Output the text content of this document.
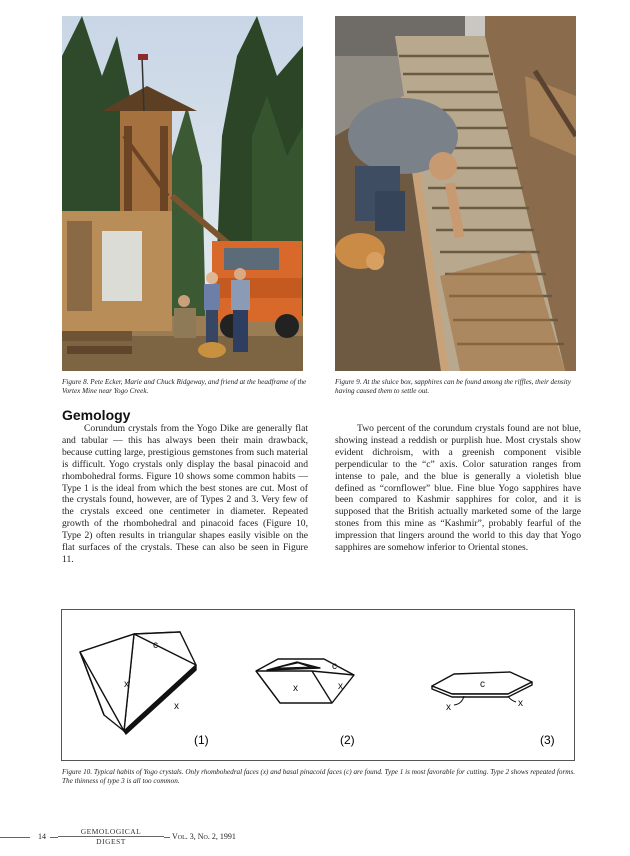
Figure 8. Pete Ecker, Marie and Chuck Ridgeway, and friend at the headframe of the Vortex Mine near Yogo Creek.
Figure 9. At the sluice box, sapphires can be found among the riffles, their density having caused them to settle out.
Gemology

Corundum crystals from the Yogo Dike are generally flat and tabular — this has always been their main drawback, because cutting large, prestigious gemstones from such material is difficult. Yogo crystals only display the basal pinacoid and rhombohedral forms. Figure 10 shows some common habits — Type 1 is the ideal from which the best stones are cut. Most of the crystals found, however, are of Types 2 and 3. Very few of the crystals exceed one centimeter in diameter. Repeated growth of the rhombohedral and pinacoid faces (Figure 10, Type 2) often results in triangular shapes easily visible on the flat surfaces of the crystals. These can also be seen in Figure 11.

Two percent of the corundum crystals found are not blue, showing instead a reddish or purplish hue. Most crystals show evident dichroism, with a greenish component visible perpendicular to the “c” axis. Color saturation ranges from intense to pale, and the blue is generally a violetish blue defined as “cornflower” blue. Fine blue Yogo sapphires have been compared to Kashmir sapphires for color, and it is supposed that the British actually marketed some of the large stones from this mine as “Kashmir”, probably fearful of the impression that lingers around the world to this day that Yogo sapphires are somehow inferior to Oriental stones.

c
x
x
c
x	x	c
x	x
(1)	(2)	(3)
Figure 10. Typical habits of Yogo crystals. Only rhombohedral faces (x) and basal pinacoid faces (c) are found. Type 1 is most favorable for cutting. Type 2 shows repeated forms. The thinness of type 3 is all too common.
14
GEMOLOGICAL
DIGEST
Vol. 3, No. 2, 1991
